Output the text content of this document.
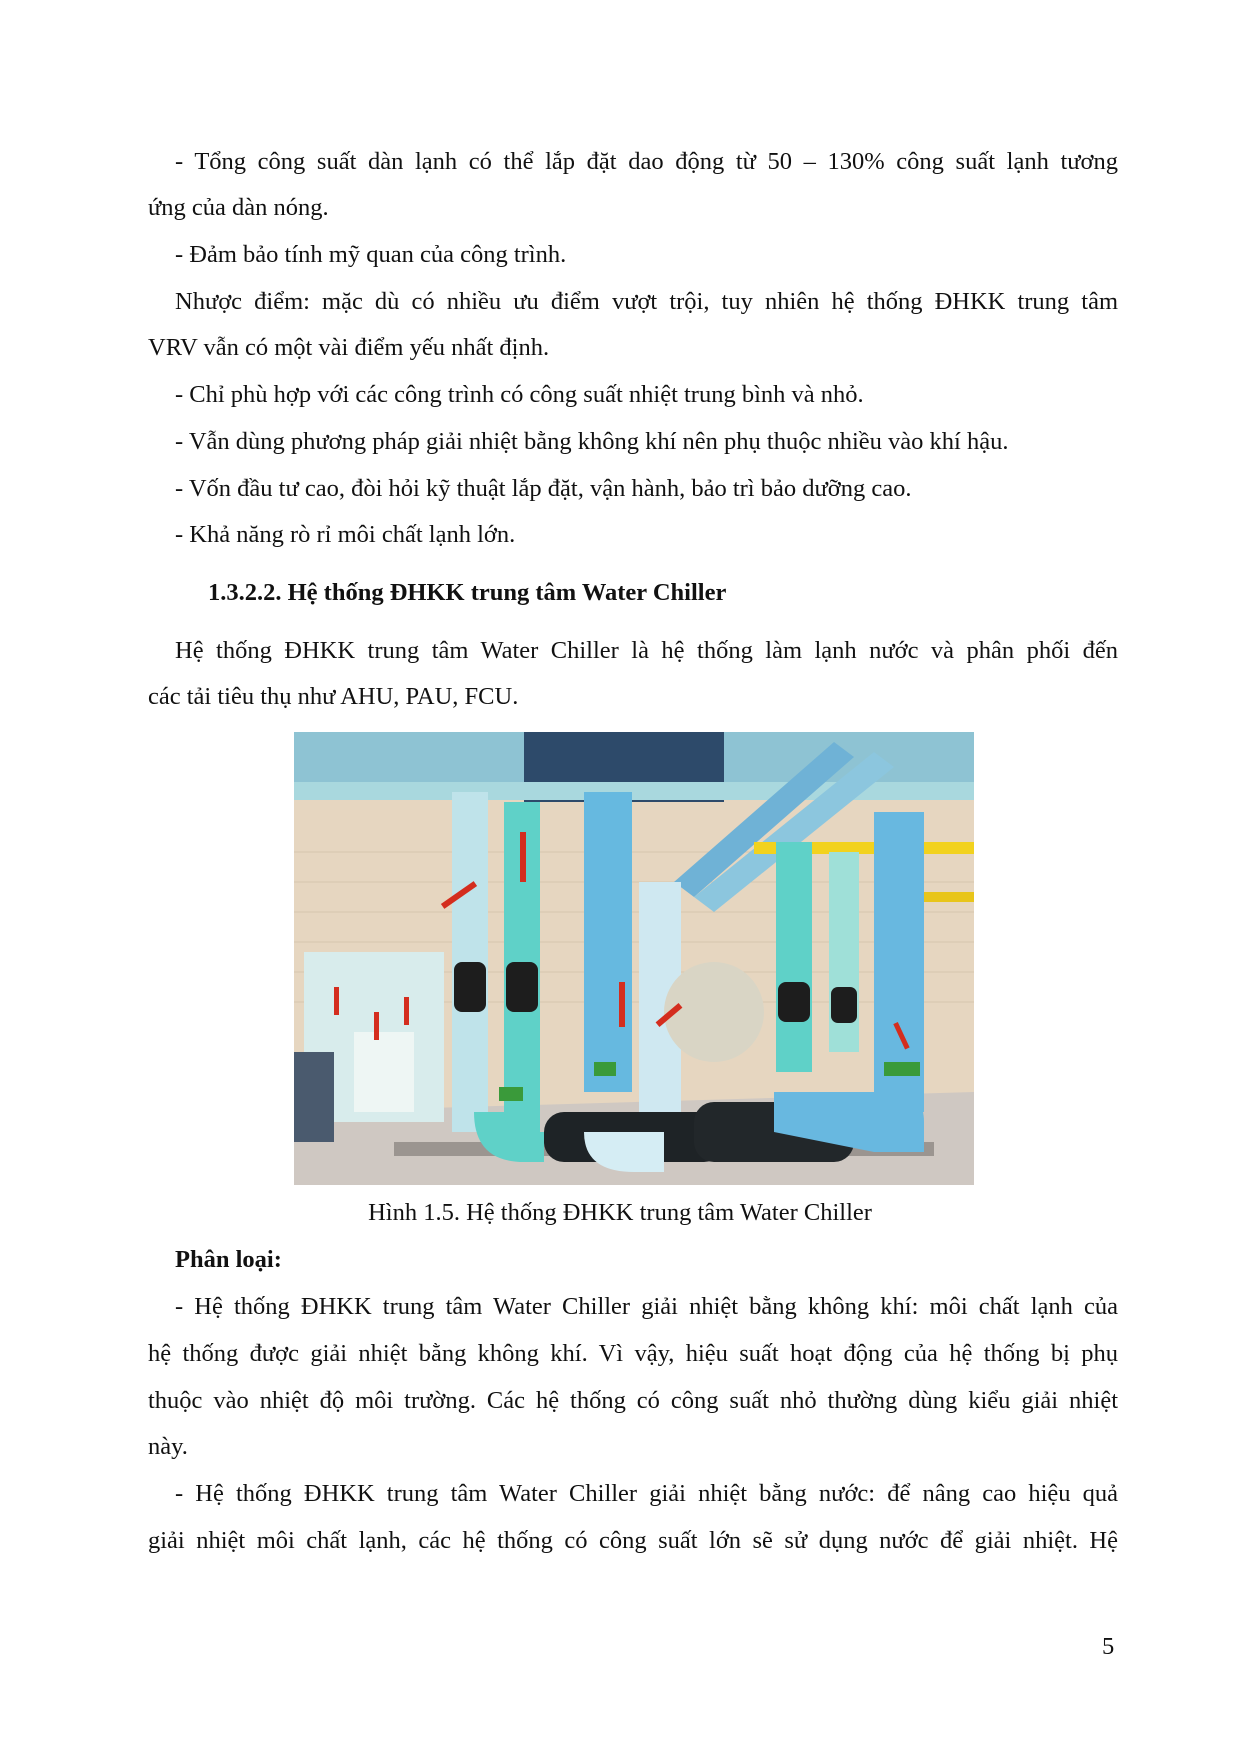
- Tổng công suất dàn lạnh có thể lắp đặt dao động từ 50 – 130% công suất lạnh tương
ứng của dàn nóng.
- Đảm bảo tính mỹ quan của công trình.
Nhược điểm: mặc dù có nhiều ưu điểm vượt trội, tuy nhiên hệ thống ĐHKK trung tâm
VRV vẫn có một vài điểm yếu nhất định.
- Chỉ phù hợp với các công trình có công suất nhiệt trung bình và nhỏ.
- Vẫn dùng phương pháp giải nhiệt bằng không khí nên phụ thuộc nhiều vào khí hậu.
- Vốn đầu tư cao, đòi hỏi kỹ thuật lắp đặt, vận hành, bảo trì bảo dưỡng cao.
- Khả năng rò rỉ môi chất lạnh lớn.
1.3.2.2. Hệ thống ĐHKK trung tâm Water Chiller
Hệ thống ĐHKK trung tâm Water Chiller là hệ thống làm lạnh nước và phân phối đến
các tải tiêu thụ như AHU, PAU, FCU.
Hình 1.5. Hệ thống ĐHKK trung tâm Water Chiller
Phân loại:
- Hệ thống ĐHKK trung tâm Water Chiller giải nhiệt bằng không khí: môi chất lạnh của
hệ thống được giải nhiệt bằng không khí. Vì vậy, hiệu suất hoạt động của hệ thống bị phụ
thuộc vào nhiệt độ môi trường. Các hệ thống có công suất nhỏ thường dùng kiểu giải nhiệt
này.
- Hệ thống ĐHKK trung tâm Water Chiller giải nhiệt bằng nước: để nâng cao hiệu quả
giải nhiệt môi chất lạnh, các hệ thống có công suất lớn sẽ sử dụng nước để giải nhiệt. Hệ
5
